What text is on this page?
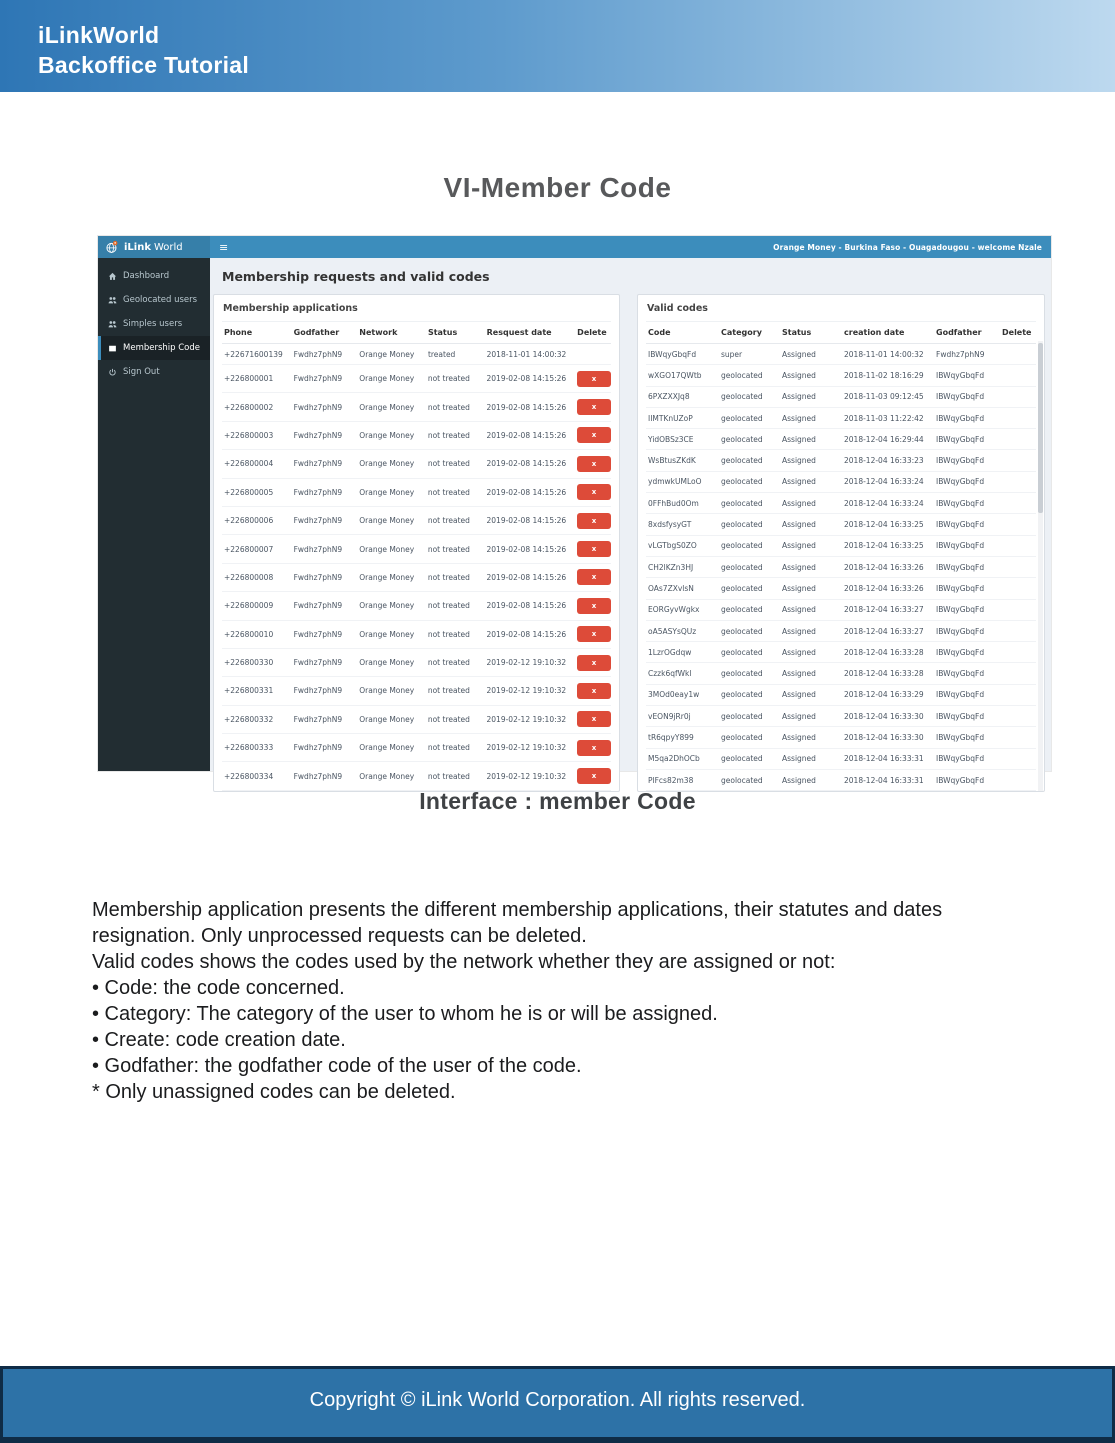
iLinkWorld
Backoffice Tutorial
VI-Member Code
iLink World	≡	Orange Money - Burkina Faso - Ouagadougou - welcome Nzale
Dashboard
Geolocated users
Simples users
Membership Code
Sign Out
Membership requests and valid codes
Membership applications
Phone	Godfather	Network	Status	Resquest date	Delete
+22671600139	Fwdhz7phN9	Orange Money	treated	2018-11-01 14:00:32
+226800001	Fwdhz7phN9	Orange Money	not treated	2019-02-08 14:15:26	x
+226800002	Fwdhz7phN9	Orange Money	not treated	2019-02-08 14:15:26	x
+226800003	Fwdhz7phN9	Orange Money	not treated	2019-02-08 14:15:26	x
+226800004	Fwdhz7phN9	Orange Money	not treated	2019-02-08 14:15:26	x
+226800005	Fwdhz7phN9	Orange Money	not treated	2019-02-08 14:15:26	x
+226800006	Fwdhz7phN9	Orange Money	not treated	2019-02-08 14:15:26	x
+226800007	Fwdhz7phN9	Orange Money	not treated	2019-02-08 14:15:26	x
+226800008	Fwdhz7phN9	Orange Money	not treated	2019-02-08 14:15:26	x
+226800009	Fwdhz7phN9	Orange Money	not treated	2019-02-08 14:15:26	x
+226800010	Fwdhz7phN9	Orange Money	not treated	2019-02-08 14:15:26	x
+226800330	Fwdhz7phN9	Orange Money	not treated	2019-02-12 19:10:32	x
+226800331	Fwdhz7phN9	Orange Money	not treated	2019-02-12 19:10:32	x
+226800332	Fwdhz7phN9	Orange Money	not treated	2019-02-12 19:10:32	x
+226800333	Fwdhz7phN9	Orange Money	not treated	2019-02-12 19:10:32	x
+226800334	Fwdhz7phN9	Orange Money	not treated	2019-02-12 19:10:32	x
Valid codes
Code	Category	Status	creation date	Godfather	Delete
IBWqyGbqFd	super	Assigned	2018-11-01 14:00:32	Fwdhz7phN9
wXGO17QWtb	geolocated	Assigned	2018-11-02 18:16:29	IBWqyGbqFd
6PXZXXJq8	geolocated	Assigned	2018-11-03 09:12:45	IBWqyGbqFd
IIMTKnUZoP	geolocated	Assigned	2018-11-03 11:22:42	IBWqyGbqFd
YidOBSz3CE	geolocated	Assigned	2018-12-04 16:29:44	IBWqyGbqFd
WsBtusZKdK	geolocated	Assigned	2018-12-04 16:33:23	IBWqyGbqFd
ydmwkUMLoO	geolocated	Assigned	2018-12-04 16:33:24	IBWqyGbqFd
0FFhBud0Om	geolocated	Assigned	2018-12-04 16:33:24	IBWqyGbqFd
8xdsfysyGT	geolocated	Assigned	2018-12-04 16:33:25	IBWqyGbqFd
vLGTbgS0ZO	geolocated	Assigned	2018-12-04 16:33:25	IBWqyGbqFd
CH2lKZn3HJ	geolocated	Assigned	2018-12-04 16:33:26	IBWqyGbqFd
OAs7ZXvlsN	geolocated	Assigned	2018-12-04 16:33:26	IBWqyGbqFd
EORGyvWgkx	geolocated	Assigned	2018-12-04 16:33:27	IBWqyGbqFd
oA5ASYsQUz	geolocated	Assigned	2018-12-04 16:33:27	IBWqyGbqFd
1LzrOGdqw	geolocated	Assigned	2018-12-04 16:33:28	IBWqyGbqFd
Czzk6qfWkl	geolocated	Assigned	2018-12-04 16:33:28	IBWqyGbqFd
3MOd0eay1w	geolocated	Assigned	2018-12-04 16:33:29	IBWqyGbqFd
vEON9jRr0j	geolocated	Assigned	2018-12-04 16:33:30	IBWqyGbqFd
tR6qpyY899	geolocated	Assigned	2018-12-04 16:33:30	IBWqyGbqFd
M5qa2DhOCb	geolocated	Assigned	2018-12-04 16:33:31	IBWqyGbqFd
PlFcs82m38	geolocated	Assigned	2018-12-04 16:33:31	IBWqyGbqFd
Interface : member Code

Membership application presents the different membership applications, their statutes and dates resignation. Only unprocessed requests can be deleted.

Valid codes shows the codes used by the network whether they are assigned or not:

• Code: the code concerned.

• Category: The category of the user to whom he is or will be assigned.

• Create: code creation date.

• Godfather: the godfather code of the user of the code.

* Only unassigned codes can be deleted.

Copyright © iLink World Corporation. All rights reserved.
